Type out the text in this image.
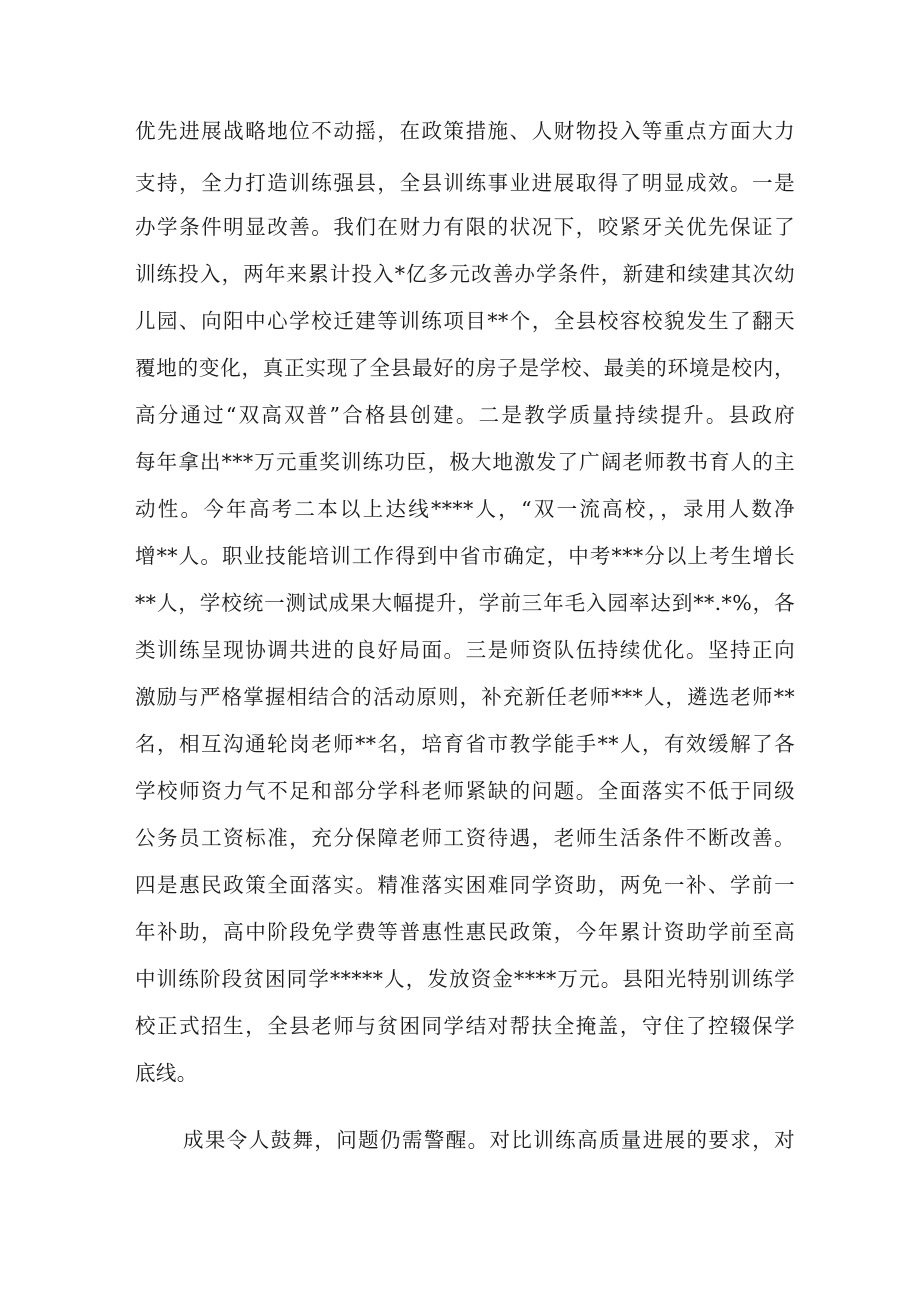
优先进展战略地位不动摇，在政策措施、人财物投入等重点方面大力
支持，全力打造训练强县，全县训练事业进展取得了明显成效。一是
办学条件明显改善。我们在财力有限的状况下，咬紧牙关优先保证了
训练投入，两年来累计投入*亿多元改善办学条件，新建和续建其次幼
儿园、向阳中心学校迁建等训练项目**个，全县校容校貌发生了翻天
覆地的变化，真正实现了全县最好的房子是学校、最美的环境是校内，
高分通过“双高双普”合格县创建。二是教学质量持续提升。县政府
每年拿出***万元重奖训练功臣，极大地激发了广阔老师教书育人的主
动性。今年高考二本以上达线****人，“双一流高校，，录用人数净
增**人。职业技能培训工作得到中省市确定，中考***分以上考生增长
**人，学校统一测试成果大幅提升，学前三年毛入园率达到**.*%，各
类训练呈现协调共进的良好局面。三是师资队伍持续优化。坚持正向
激励与严格掌握相结合的活动原则，补充新任老师***人，遴选老师**
名，相互沟通轮岗老师**名，培育省市教学能手**人，有效缓解了各
学校师资力气不足和部分学科老师紧缺的问题。全面落实不低于同级
公务员工资标准，充分保障老师工资待遇，老师生活条件不断改善。
四是惠民政策全面落实。精准落实困难同学资助，两免一补、学前一
年补助，高中阶段免学费等普惠性惠民政策，今年累计资助学前至高
中训练阶段贫困同学*****人，发放资金****万元。县阳光特别训练学
校正式招生，全县老师与贫困同学结对帮扶全掩盖，守住了控辍保学
底线。
成果令人鼓舞，问题仍需警醒。对比训练高质量进展的要求，对
